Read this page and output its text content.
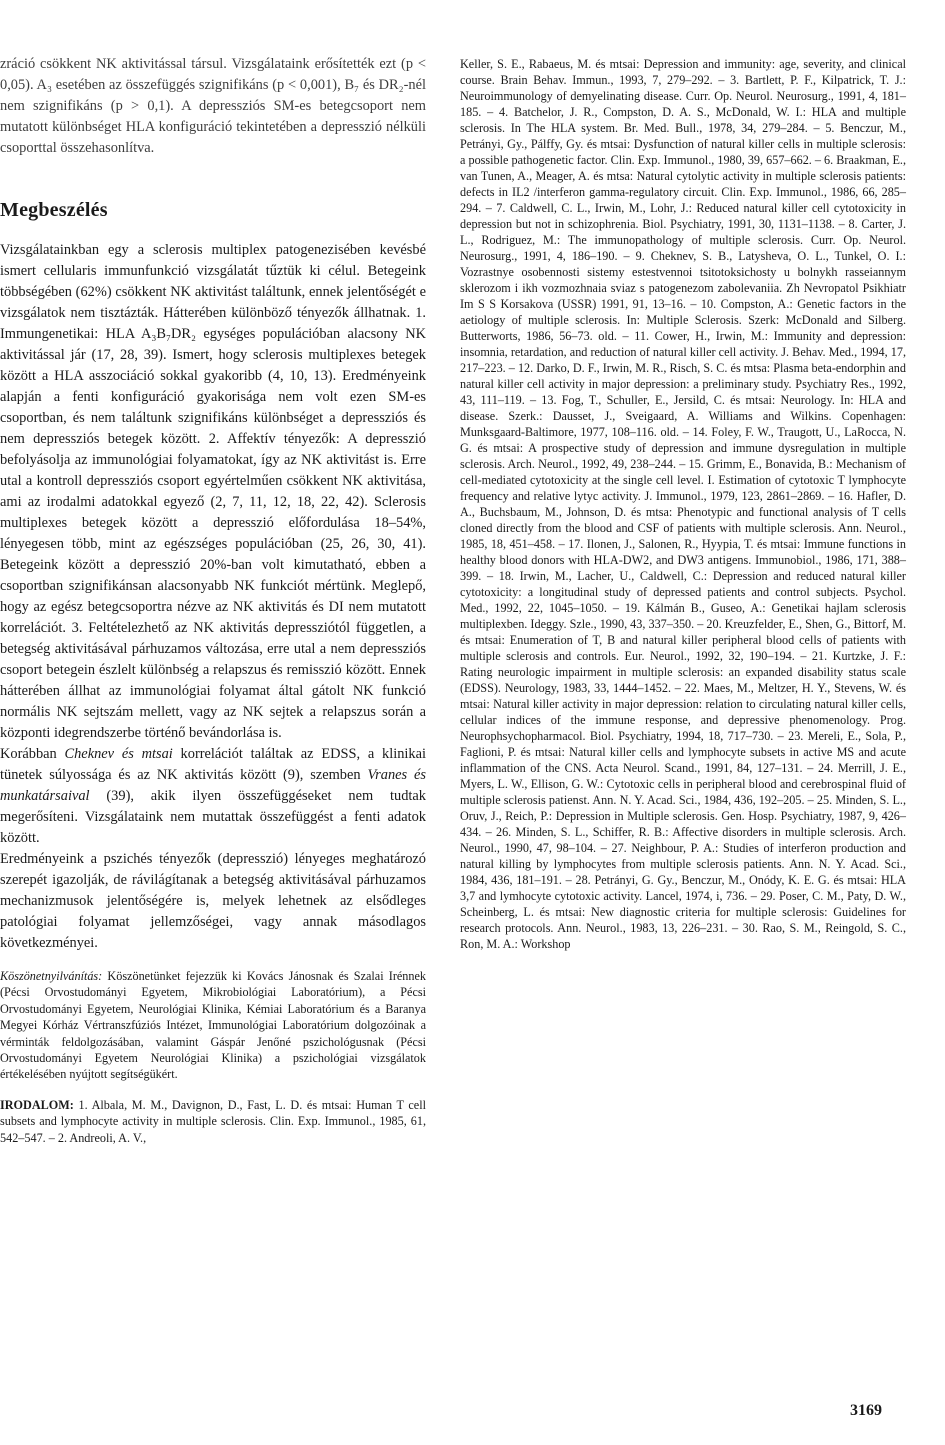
zráció csökkent NK aktivitással társul. Vizsgálataink erősítették ezt (p < 0,05). A₃ esetében az összefüggés szignifikáns (p < 0,001), B₇ és DR₂-nél nem szignifikáns (p > 0,1). A depressziós SM-es betegcsoport nem mutatott különbséget HLA konfiguráció tekintetében a depresszió nélküli csoporttal összehasonlítva.

Megbeszélés

Vizsgálatainkban egy a sclerosis multiplex patogenezisében kevésbé ismert cellularis immunfunkció vizsgálatát tűztük ki célul. Betegeink többségében (62%) csökkent NK aktivitást találtunk, ennek jelentőségét e vizsgálatok nem tisztázták. Hátterében különböző tényezők állhatnak. 1. Immungenetikai: HLA A₃B₇DR₂ egységes populációban alacsony NK aktivitással jár (17, 28, 39). Ismert, hogy sclerosis multiplexes betegek között a HLA asszociáció sokkal gyakoribb (4, 10, 13). Eredményeink alapján a fenti konfiguráció gyakorisága nem volt ezen SM-es csoportban, és nem találtunk szignifikáns különbséget a depressziós és nem depressziós betegek között. 2. Affektív tényezők: A depresszió befolyásolja az immunológiai folyamatokat, így az NK aktivitást is. Erre utal a kontroll depressziós csoport egyértelműen csökkent NK aktivitása, ami az irodalmi adatokkal egyező (2, 7, 11, 12, 18, 22, 42). Sclerosis multiplexes betegek között a depresszió előfordulása 18–54%, lényegesen több, mint az egészséges populációban (25, 26, 30, 41). Betegeink között a depresszió 20%-ban volt kimutatható, ebben a csoportban szignifikánsan alacsonyabb NK funkciót mértünk. Meglepő, hogy az egész betegcsoportra nézve az NK aktivitás és DI nem mutatott korrelációt. 3. Feltételezhető az NK aktivitás depressziótól független, a betegség aktivitásával párhuzamos változása, erre utal a nem depressziós csoport betegein észlelt különbség a relapszus és remisszió között. Ennek hátterében állhat az immunológiai folyamat által gátolt NK funkció normális NK sejtszám mellett, vagy az NK sejtek a relapszus során a központi idegrendszerbe történő bevándorlása is.

Korábban Cheknev és mtsai korrelációt találtak az EDSS, a klinikai tünetek súlyossága és az NK aktivitás között (9), szemben Vranes és munkatársaival (39), akik ilyen összefüggéseket nem tudtak megerősíteni. Vizsgálataink nem mutattak összefüggést a fenti adatok között.

Eredményeink a pszichés tényezők (depresszió) lényeges meghatározó szerepét igazolják, de rávilágítanak a betegség aktivitásával párhuzamos mechanizmusok jelentőségére is, melyek lehetnek az elsődleges patológiai folyamat jellemzőségei, vagy annak másodlagos következményei.

Köszönetnyilvánítás: Köszönetünket fejezzük ki Kovács Jánosnak és Szalai Irénnek (Pécsi Orvostudományi Egyetem, Mikrobiológiai Laboratórium), a Pécsi Orvostudományi Egyetem, Neurológiai Klinika, Kémiai Laboratórium és a Baranya Megyei Kórház Vértranszfúziós Intézet, Immunológiai Laboratórium dolgozóinak a vérminták feldolgozásában, valamint Gáspár Jenőné pszichológusnak (Pécsi Orvostudományi Egyetem Neurológiai Klinika) a pszichológiai vizsgálatok értékelésében nyújtott segítségükért.

IRODALOM: 1. Albala, M. M., Davignon, D., Fast, L. D. és mtsai: Human T cell subsets and lymphocyte activity in multiple sclerosis. Clin. Exp. Immunol., 1985, 61, 542–547. – 2. Andreoli, A. V.,

Keller, S. E., Rabaeus, M. és mtsai: Depression and immunity: age, severity, and clinical course. Brain Behav. Immun., 1993, 7, 279–292. – 3. Bartlett, P. F., Kilpatrick, T. J.: Neuroimmunology of demyelinating disease. Curr. Op. Neurol. Neurosurg., 1991, 4, 181–185. – 4. Batchelor, J. R., Compston, D. A. S., McDonald, W. I.: HLA and multiple sclerosis. In The HLA system. Br. Med. Bull., 1978, 34, 279–284. – 5. Benczur, M., Petrányi, Gy., Pálffy, Gy. és mtsai: Dysfunction of natural killer cells in multiple sclerosis: a possible pathogenetic factor. Clin. Exp. Immunol., 1980, 39, 657–662. – 6. Braakman, E., van Tunen, A., Meager, A. és mtsa: Natural cytolytic activity in multiple sclerosis patients: defects in IL2 /interferon gamma-regulatory circuit. Clin. Exp. Immunol., 1986, 66, 285–294. – 7. Caldwell, C. L., Irwin, M., Lohr, J.: Reduced natural killer cell cytotoxicity in depression but not in schizophrenia. Biol. Psychiatry, 1991, 30, 1131–1138. – 8. Carter, J. L., Rodriguez, M.: The immunopathology of multiple sclerosis. Curr. Op. Neurol. Neurosurg., 1991, 4, 186–190. – 9. Cheknev, S. B., Latysheva, O. L., Tunkel, O. I.: Vozrastnye osobennosti sistemy estestvennoi tsitotoksichosty u bolnykh rasseiannym sklerozom i ikh vozmozhnaia sviaz s patogenezom zabolevaniia. Zh Nevropatol Psikhiatr Im S S Korsakova (USSR) 1991, 91, 13–16. – 10. Compston, A.: Genetic factors in the aetiology of multiple sclerosis. In: Multiple Sclerosis. Szerk: McDonald and Silberg. Butterworts, 1986, 56–73. old. – 11. Cower, H., Irwin, M.: Immunity and depression: insomnia, retardation, and reduction of natural killer cell activity. J. Behav. Med., 1994, 17, 217–223. – 12. Darko, D. F., Irwin, M. R., Risch, S. C. és mtsa: Plasma beta-endorphin and natural killer cell activity in major depression: a preliminary study. Psychiatry Res., 1992, 43, 111–119. – 13. Fog, T., Schuller, E., Jersild, C. és mtsai: Neurology. In: HLA and disease. Szerk.: Dausset, J., Sveigaard, A. Williams and Wilkins. Copenhagen: Munksgaard-Baltimore, 1977, 108–116. old. – 14. Foley, F. W., Traugott, U., LaRocca, N. G. és mtsai: A prospective study of depression and immune dysregulation in multiple sclerosis. Arch. Neurol., 1992, 49, 238–244. – 15. Grimm, E., Bonavida, B.: Mechanism of cell-mediated cytotoxicity at the single cell level. I. Estimation of cytotoxic T lymphocyte frequency and relative lytyc activity. J. Immunol., 1979, 123, 2861–2869. – 16. Hafler, D. A., Buchsbaum, M., Johnson, D. és mtsa: Phenotypic and functional analysis of T cells cloned directly from the blood and CSF of patients with multiple sclerosis. Ann. Neurol., 1985, 18, 451–458. – 17. Ilonen, J., Salonen, R., Hyypia, T. és mtsai: Immune functions in healthy blood donors with HLA-DW2, and DW3 antigens. Immunobiol., 1986, 171, 388–399. – 18. Irwin, M., Lacher, U., Caldwell, C.: Depression and reduced natural killer cytotoxicity: a longitudinal study of depressed patients and control subjects. Psychol. Med., 1992, 22, 1045–1050. – 19. Kálmán B., Guseo, A.: Genetikai hajlam sclerosis multiplexben. Ideggy. Szle., 1990, 43, 337–350. – 20. Kreuzfelder, E., Shen, G., Bittorf, M. és mtsai: Enumeration of T, B and natural killer peripheral blood cells of patients with multiple sclerosis and controls. Eur. Neurol., 1992, 32, 190–194. – 21. Kurtzke, J. F.: Rating neurologic impairment in multiple sclerosis: an expanded disability status scale (EDSS). Neurology, 1983, 33, 1444–1452. – 22. Maes, M., Meltzer, H. Y., Stevens, W. és mtsai: Natural killer activity in major depression: relation to circulating natural killer cells, cellular indices of the immune response, and depressive phenomenology. Prog. Neurophsychopharmacol. Biol. Psychiatry, 1994, 18, 717–730. – 23. Mereli, E., Sola, P., Faglioni, P. és mtsai: Natural killer cells and lymphocyte subsets in active MS and acute inflammation of the CNS. Acta Neurol. Scand., 1991, 84, 127–131. – 24. Merrill, J. E., Myers, L. W., Ellison, G. W.: Cytotoxic cells in peripheral blood and cerebrospinal fluid of multiple sclerosis patienst. Ann. N. Y. Acad. Sci., 1984, 436, 192–205. – 25. Minden, S. L., Oruv, J., Reich, P.: Depression in Multiple sclerosis. Gen. Hosp. Psychiatry, 1987, 9, 426–434. – 26. Minden, S. L., Schiffer, R. B.: Affective disorders in multiple sclerosis. Arch. Neurol., 1990, 47, 98–104. – 27. Neighbour, P. A.: Studies of interferon production and natural killing by lymphocytes from multiple sclerosis patients. Ann. N. Y. Acad. Sci., 1984, 436, 181–191. – 28. Petrányi, G. Gy., Benczur, M., Onódy, K. E. G. és mtsai: HLA 3,7 and lymhocyte cytotoxic activity. Lancel, 1974, i, 736. – 29. Poser, C. M., Paty, D. W., Scheinberg, L. és mtsai: New diagnostic criteria for multiple sclerosis: Guidelines for research protocols. Ann. Neurol., 1983, 13, 226–231. – 30. Rao, S. M., Reingold, S. C., Ron, M. A.: Workshop

3169
